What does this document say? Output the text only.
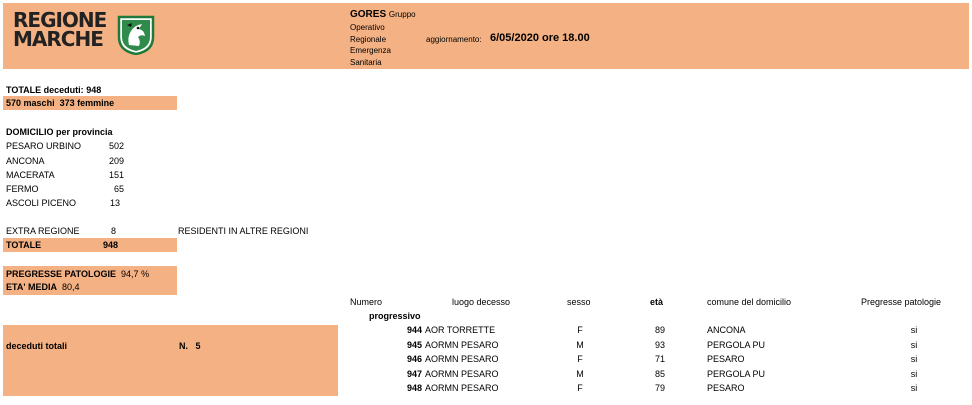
REGIONE
MARCHE
GORES Gruppo
Operativo
Regionale
Emergenza
Sanitaria
aggiornamento: 6/05/2020 ore 18.00
TOTALE deceduti: 948
570 maschi 373 femmine
DOMICILIO per provincia
PESARO URBINO	502
ANCONA	209
MACERATA	151
FERMO	65
ASCOLI PICENO	13
EXTRA REGIONE	8	RESIDENTI IN ALTRE REGIONI
TOTALE	948
PREGRESSE PATOLOGIE 94,7 %
ETA' MEDIA 80,4
deceduti totali	N. 5
Numero
progressivo
luogo decesso	sesso	età	comune del domicilio	Pregresse patologie
944 AOR TORRETTE	F	89	ANCONA	si
945 AORMN PESARO	M	93	PERGOLA PU	si
946 AORMN PESARO	F	71	PESARO	si
947 AORMN PESARO	M	85	PERGOLA PU	si
948 AORMN PESARO	F	79	PESARO	si
